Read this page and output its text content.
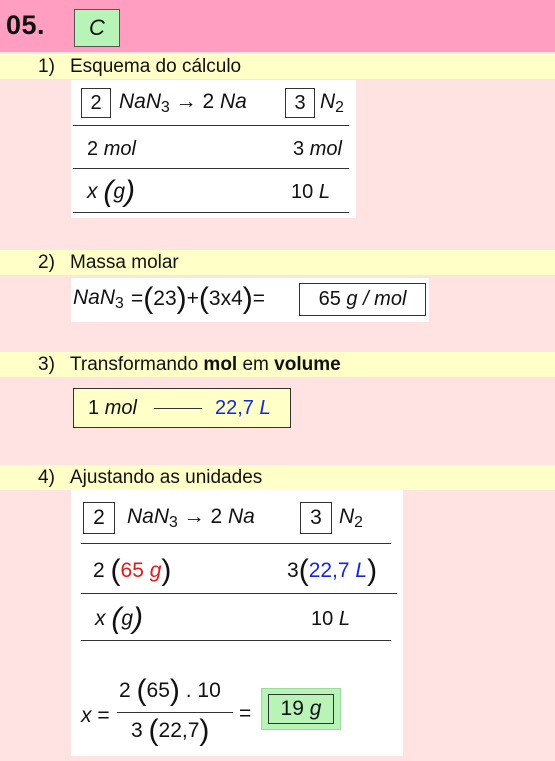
05.	C
1) Esquema do cálculo
2 NaN$_3$ → 2 Na	3 $N_2$
2 mol	3 mol
x (g)	10 L
2) Massa molar
NaN$_3$ =(23)+(3x4)=	65 g / mol
3) Transformando mol em volume
1 mol	22,7 L
4) Ajustando as unidades
2	NaN$_3$ → 2 Na	3 $N_2$
2 (65 g)	3(22,7 L)
x (g)	10 L
x =
2 (65) . 10
3 (22,7)
=	19 g
